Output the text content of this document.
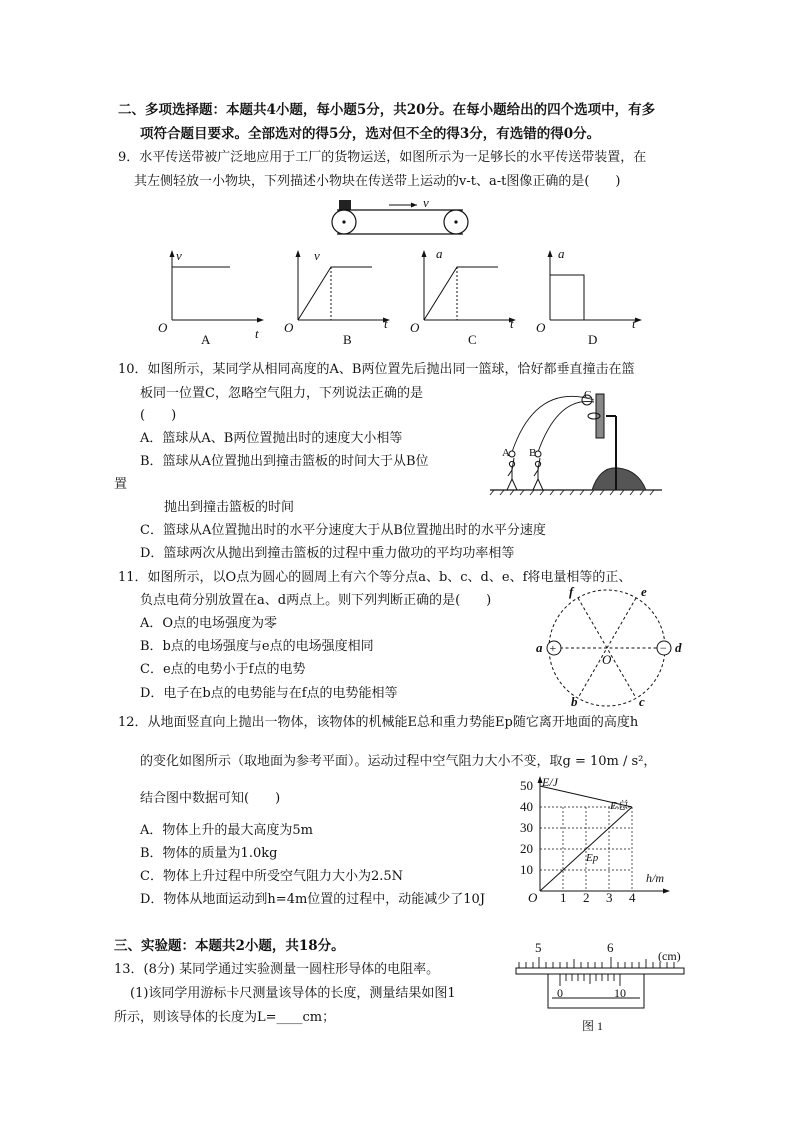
二、多项选择题：本题共4小题，每小题5分，共20分。在每小题给出的四个选项中，有多
项符合题目要求。全部选对的得5分，选对但不全的得3分，有选错的得0分。
9．水平传送带被广泛地应用于工厂的货物运送，如图所示为一足够长的水平传送带装置，在
其左侧轻放一小物块，下列描述小物块在传送带上运动的v-t、a-t图像正确的是(　　)
v
v
t
O
A
v
t
O
B
a
t
O
C
a
t
O
D
10．如图所示，某同学从相同高度的A、B两位置先后抛出同一篮球，恰好都垂直撞击在篮
板同一位置C，忽略空气阻力，下列说法正确的是
(　　)
A．篮球从A、B两位置抛出时的速度大小相等
B．篮球从A位置抛出到撞击篮板的时间大于从B位
置
抛出到撞击篮板的时间
C．篮球从A位置抛出时的水平分速度大于从B位置抛出时的水平分速度
D．篮球两次从抛出到撞击篮板的过程中重力做功的平均功率相等
C
A B
11．如图所示，以O点为圆心的圆周上有六个等分点a、b、c、d、e、f将电量相等的正、
负点电荷分别放置在a、d两点上。则下列判断正确的是(　　)
A．O点的电场强度为零
B．b点的电场强度与e点的电场强度相同
C．e点的电势小于f点的电势
D．电子在b点的电势能与在f点的电势能相等
+	−
a	d
f	e
b	c
O
12．从地面竖直向上抛出一物体，该物体的机械能E总和重力势能Ep随它离开地面的高度h
的变化如图所示（取地面为参考平面）。运动过程中空气阻力大小不变，取g = 10m / s²，
结合图中数据可知(　　)
A．物体上升的最大高度为5m
B．物体的质量为1.0kg
C．物体上升过程中所受空气阻力大小为2.5N
D．物体从地面运动到h=4m位置的过程中，动能减少了10J
E/J
h/m
O
10
20
30
40
50
1 2 3 4
E总
Ep
三、实验题：本题共2小题，共18分。
13．(8分) 某同学通过实验测量一圆柱形导体的电阻率。
(1)该同学用游标卡尺测量该导体的长度，测量结果如图1
所示，则该导体的长度为L=____cm；
5	6
(cm)
0	10
图 1
